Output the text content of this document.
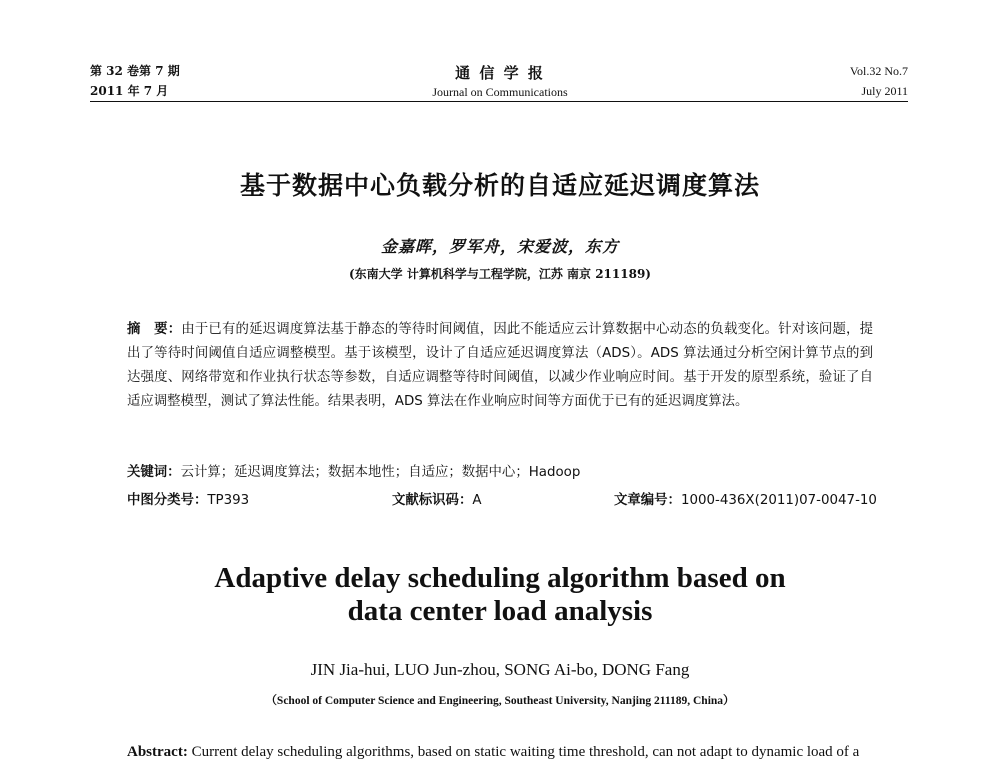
第 32 卷第 7 期
2011 年 7 月
通 信 学 报
Journal on Communications
Vol.32 No.7
July 2011
基于数据中心负载分析的自适应延迟调度算法
金嘉晖，罗军舟，宋爱波，东方
(东南大学 计算机科学与工程学院，江苏 南京 211189)
摘　要：由于已有的延迟调度算法基于静态的等待时间阈值，因此不能适应云计算数据中心动态的负载变化。针对该问题，提出了等待时间阈值自适应调整模型。基于该模型，设计了自适应延迟调度算法（ADS）。ADS 算法通过分析空闲计算节点的到达强度、网络带宽和作业执行状态等参数，自适应调整等待时间阈值，以减少作业响应时间。基于开发的原型系统，验证了自适应调整模型，测试了算法性能。结果表明，ADS 算法在作业响应时间等方面优于已有的延迟调度算法。
关键词：云计算；延迟调度算法；数据本地性；自适应；数据中心；Hadoop
中图分类号：TP393	文献标识码：A	文章编号：1000-436X(2011)07-0047-10
Adaptive delay scheduling algorithm based on
data center load analysis
JIN Jia-hui, LUO Jun-zhou, SONG Ai-bo, DONG Fang
（School of Computer Science and Engineering, Southeast University, Nanjing 211189, China）
Abstract: Current delay scheduling algorithms, based on static waiting time threshold, can not adapt to dynamic load of a
